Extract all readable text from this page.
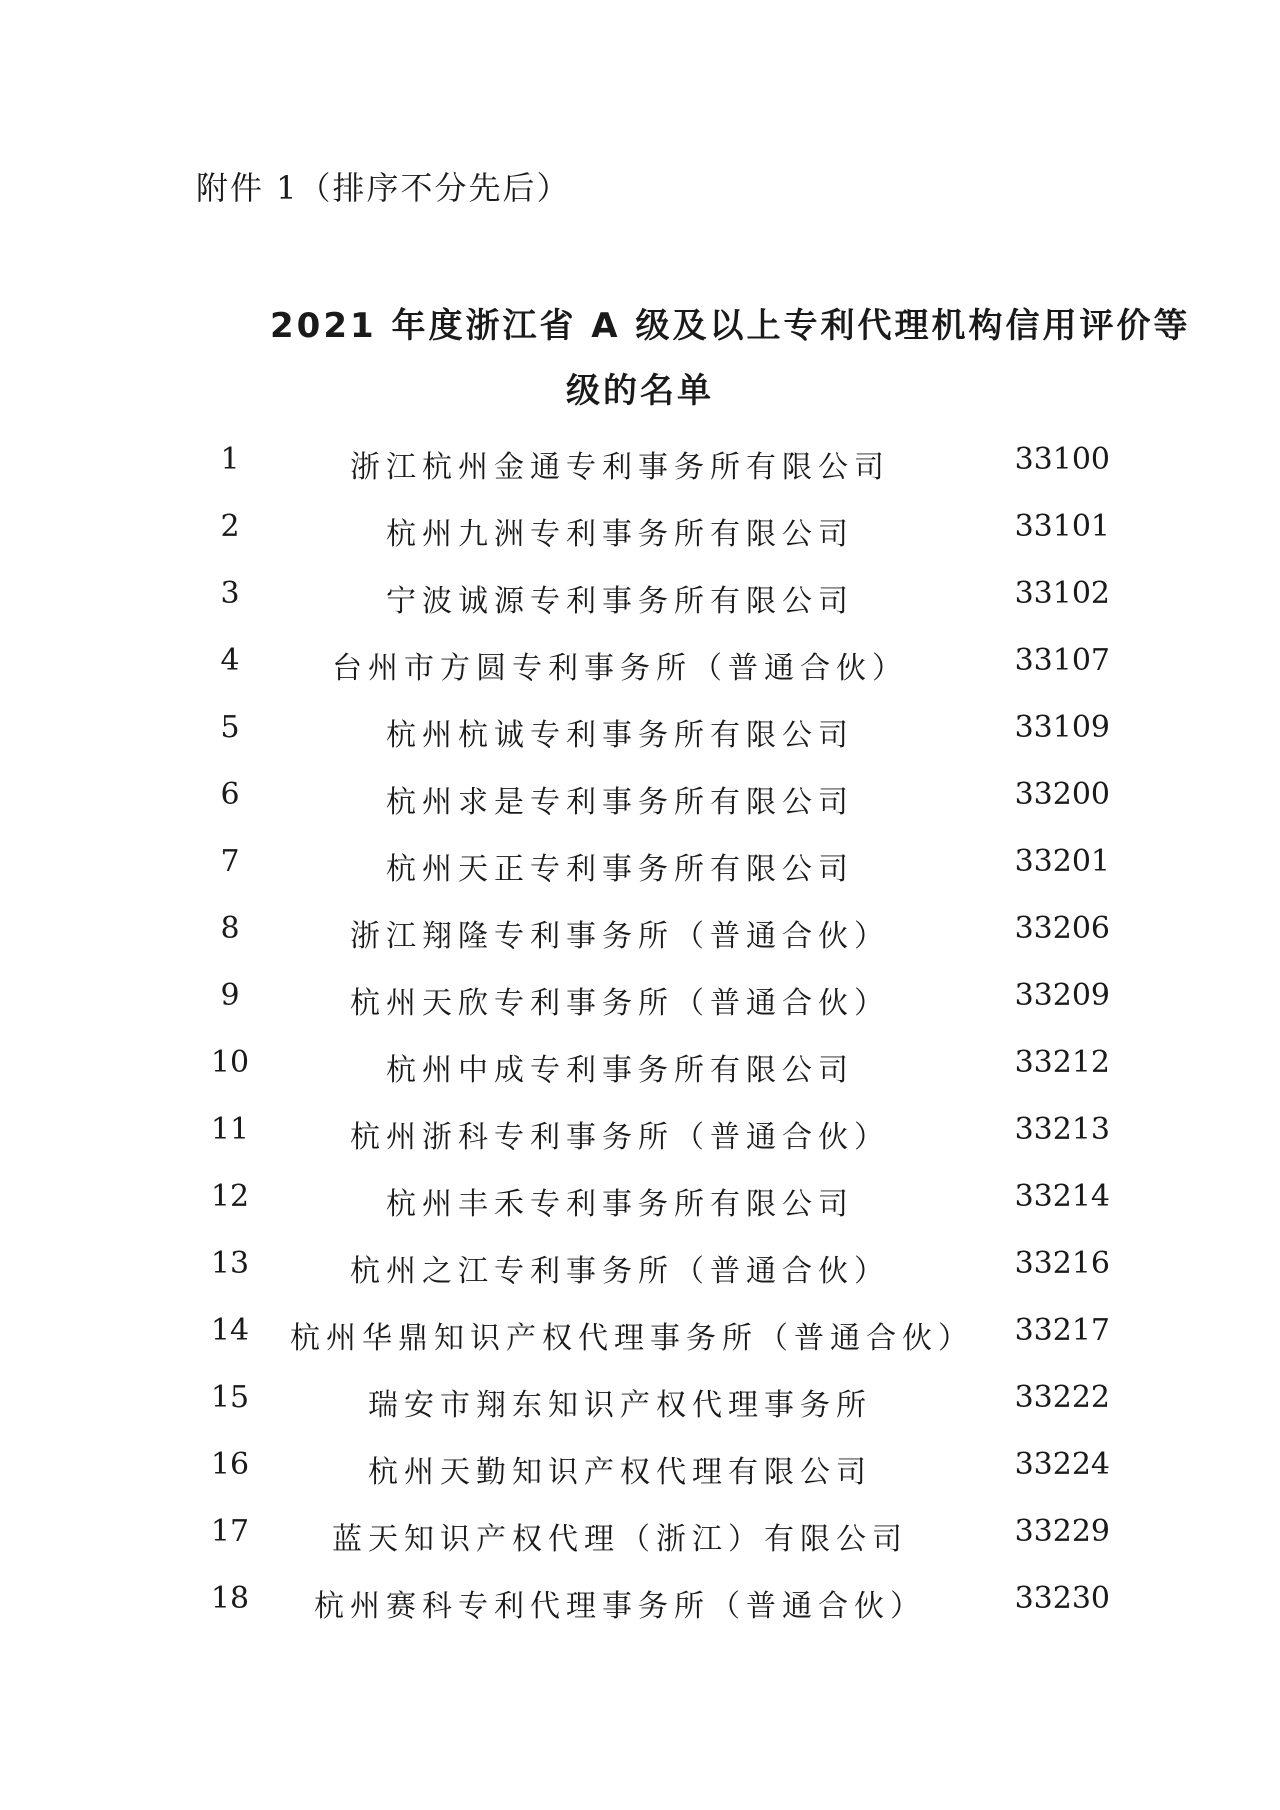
附件 1（排序不分先后）
2021 年度浙江省 A 级及以上专利代理机构信用评价等
级的名单
1	浙江杭州金通专利事务所有限公司	33100
2	杭州九洲专利事务所有限公司	33101
3	宁波诚源专利事务所有限公司	33102
4	台州市方圆专利事务所（普通合伙）	33107
5	杭州杭诚专利事务所有限公司	33109
6	杭州求是专利事务所有限公司	33200
7	杭州天正专利事务所有限公司	33201
8	浙江翔隆专利事务所（普通合伙）	33206
9	杭州天欣专利事务所（普通合伙）	33209
10	杭州中成专利事务所有限公司	33212
11	杭州浙科专利事务所（普通合伙）	33213
12	杭州丰禾专利事务所有限公司	33214
13	杭州之江专利事务所（普通合伙）	33216
14	杭州华鼎知识产权代理事务所（普通合伙）	33217
15	瑞安市翔东知识产权代理事务所	33222
16	杭州天勤知识产权代理有限公司	33224
17	蓝天知识产权代理（浙江）有限公司	33229
18	杭州赛科专利代理事务所（普通合伙）	33230
